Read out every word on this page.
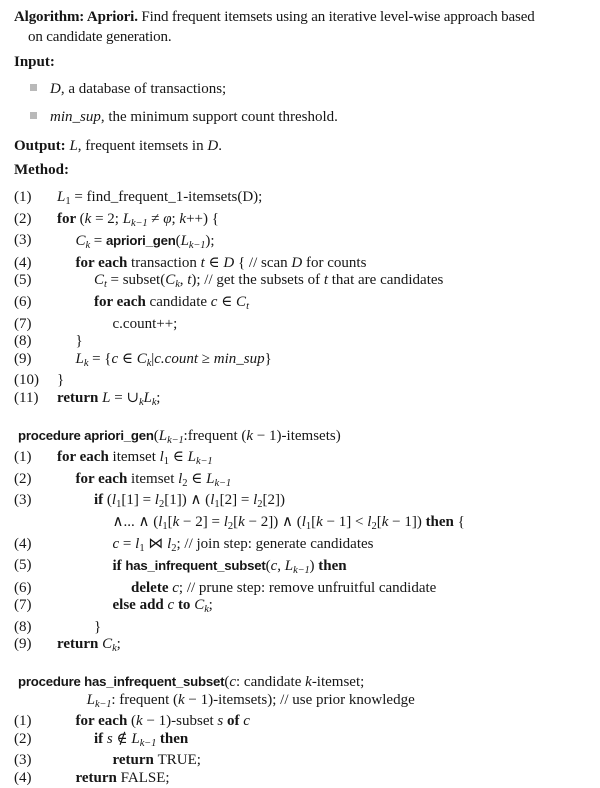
Algorithm: Apriori. Find frequent itemsets using an iterative level-wise approach based
on candidate generation.
Input:
D, a database of transactions;
min_sup, the minimum support count threshold.
Output: L, frequent itemsets in D.
Method:
(1) $L_1$ = find_frequent_1-itemsets(D);
(2) for (k = 2; $L_{k-1} \ne \varphi$; k++) {
(3)	$C_k$ = $apriori\_gen(L_{k-1})$;
(4)	for each transaction t ∈ D { // scan D for counts
(5)	$C_t$ = $subset(C_k$, t); // get the subsets of t that are candidates
(6)	for each candidate c ∈ $C_t$
(7)	c.count++;
(8)	}
(9)	$L_k = \{c$ ∈ $C_k|c.count$ ≥ min_sup}
(10) }
(11) return $L = \cup_kL_k$;
procedure $apriori\_gen(L_{k-1}:frequent$ (k − 1)-itemsets)
(1) for each itemset $l_1$ ∈ $L_{k-1}$
(2)	for each itemset $l_2$ ∈ $L_{k-1}$
(3)	if $(l_1[1] = l_2[1])$ ∧ $(l_1[2] = l_2[2])$
∧... ∧ $(l_1[k - 2] = l_2[k - 2])$ ∧ $(l_1[k - 1] < l_2[k - 1])$ then {
(4)	$c = l_1$ ⋈ $l_2$; // join step: generate candidates
(5)	if has_infrequent_subset(c, $L_{k-1}$) then
(6)	delete c; // prune step: remove unfruitful candidate
(7)	else add c to $C_k$;
(8)	}
(9) return $C_k$;
procedure has_infrequent_subset(c: candidate k-itemset;
$L_{k-1}$: frequent (k − 1)-itemsets); // use prior knowledge
(1)	for each (k − 1)-subset s of c
(2)	if s ∉ $L_{k-1}$ then
(3)	return TRUE;
(4)	return FALSE;
